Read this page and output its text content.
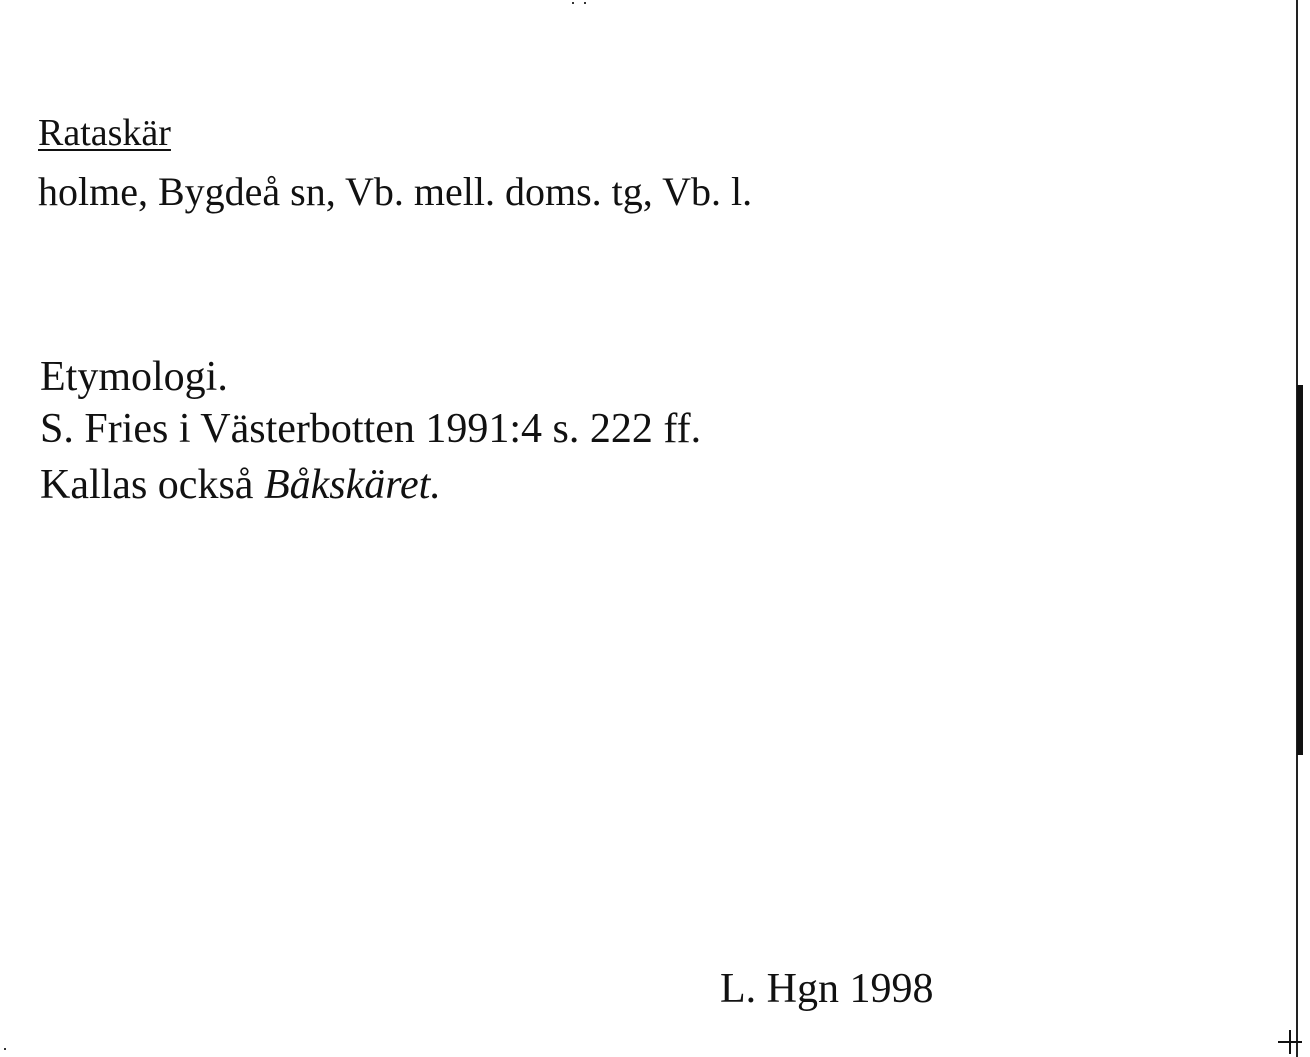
Rataskär
holme, Bygdeå sn, Vb. mell. doms. tg, Vb. l.
Etymologi.
S. Fries i Västerbotten 1991:4 s. 222 ff.
Kallas också Båkskäret.
L. Hgn 1998
